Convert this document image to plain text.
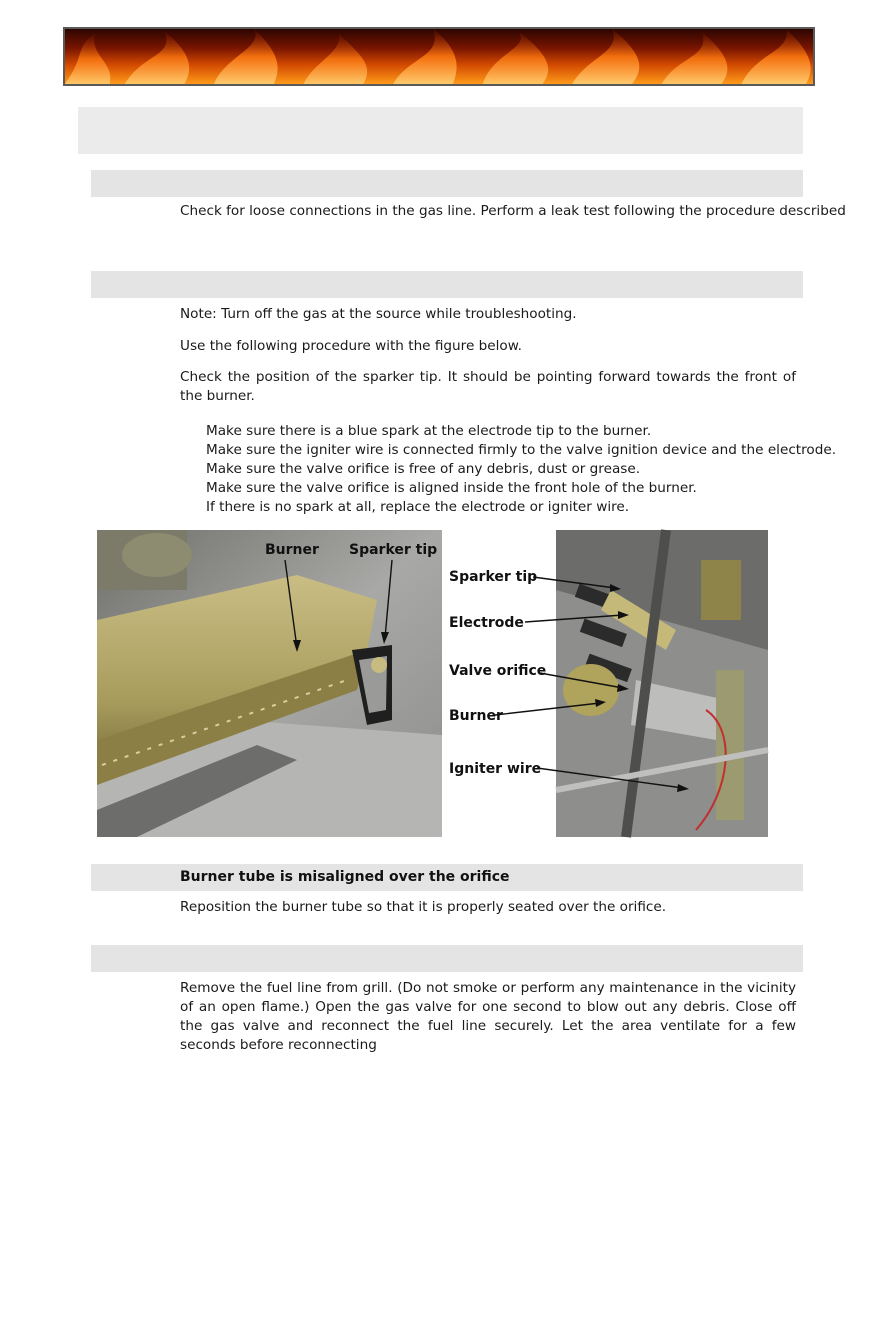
Check for loose connections in the gas line. Perform a leak test following the procedure described
Note: Turn off the gas at the source while troubleshooting.
Use the following procedure with the figure below.
Check the position of the sparker tip. It should be pointing forward towards the front of the burner.
Make sure there is a blue spark at the electrode tip to the burner.
Make sure the igniter wire is connected firmly to the valve ignition device and the electrode.
Make sure the valve orifice is free of any debris, dust or grease.
Make sure the valve orifice is aligned inside the front hole of the burner.
If there is no spark at all, replace the electrode or igniter wire.
Burner Sparker tip
Sparker tip
Electrode
Valve orifice
Burner
Igniter wire
Burner tube is misaligned over the orifice
Reposition the burner tube so that it is properly seated over the orifice.
Remove the fuel line from grill. (Do not smoke or perform any maintenance in the vicinity of an open flame.) Open the gas valve for one second to blow out any debris. Close off the gas valve and reconnect the fuel line securely. Let the area ventilate for a few seconds before reconnecting
